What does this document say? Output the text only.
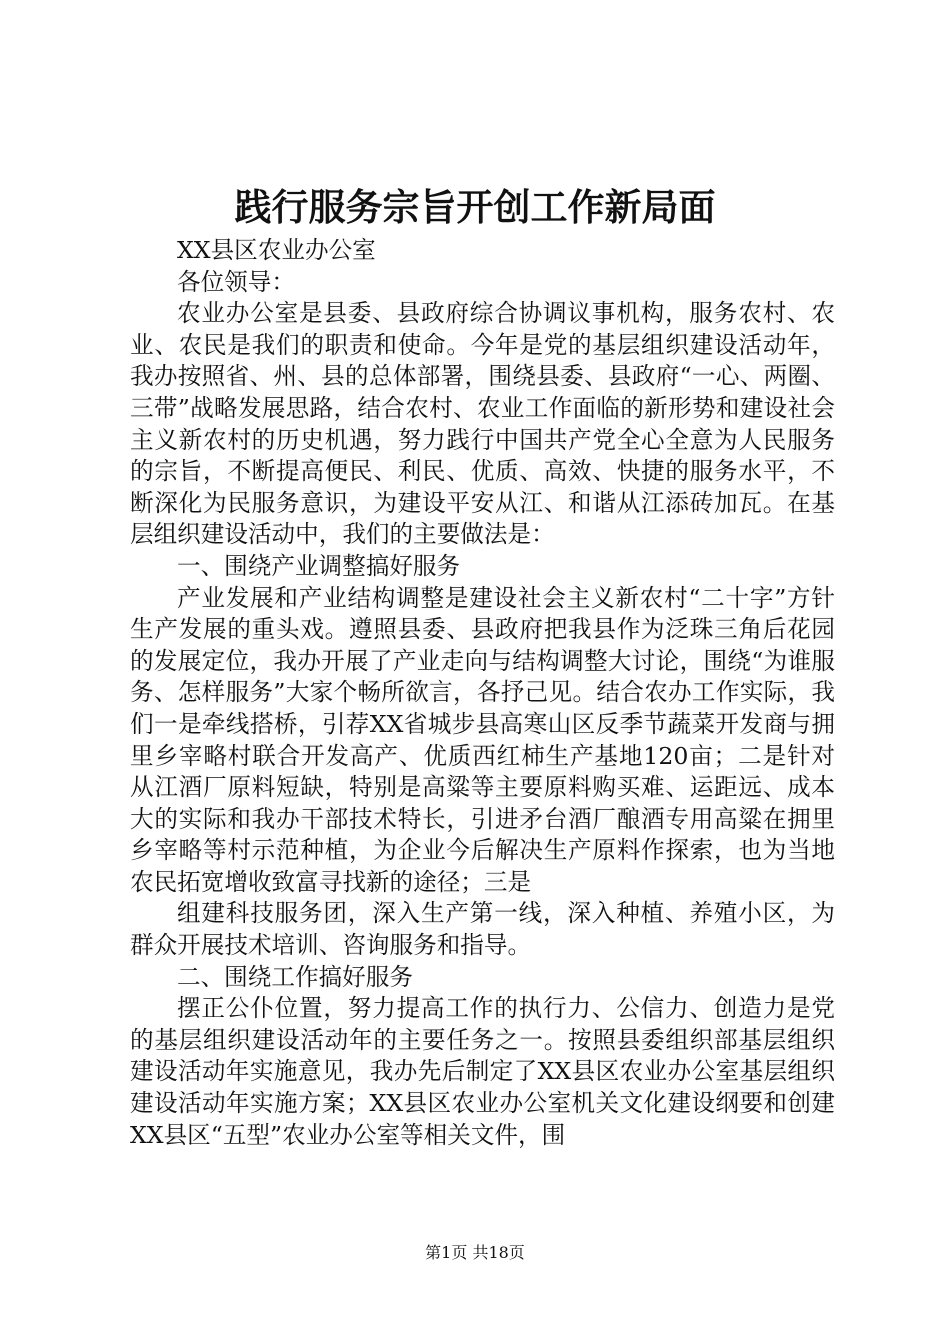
践行服务宗旨开创工作新局面

XX县区农业办公室

各位领导：

农业办公室是县委、县政府综合协调议事机构，服务农村、农业、农民是我们的职责和使命。今年是党的基层组织建设活动年，我办按照省、州、县的总体部署，围绕县委、县政府“一心、两圈、三带”战略发展思路，结合农村、农业工作面临的新形势和建设社会主义新农村的历史机遇，努力践行中国共产党全心全意为人民服务的宗旨，不断提高便民、利民、优质、高效、快捷的服务水平，不断深化为民服务意识，为建设平安从江、和谐从江添砖加瓦。在基层组织建设活动中，我们的主要做法是：

一、围绕产业调整搞好服务

产业发展和产业结构调整是建设社会主义新农村“二十字”方针生产发展的重头戏。遵照县委、县政府把我县作为泛珠三角后花园的发展定位，我办开展了产业走向与结构调整大讨论，围绕“为谁服务、怎样服务”大家个畅所欲言，各抒己见。结合农办工作实际，我们一是牵线搭桥，引荐XX省城步县高寒山区反季节蔬菜开发商与拥里乡宰略村联合开发高产、优质西红柿生产基地120亩；二是针对从江酒厂原料短缺，特别是高粱等主要原料购买难、运距远、成本大的实际和我办干部技术特长，引进矛台酒厂酿酒专用高粱在拥里乡宰略等村示范种植，为企业今后解决生产原料作探索，也为当地农民拓宽增收致富寻找新的途径；三是

组建科技服务团，深入生产第一线，深入种植、养殖小区，为群众开展技术培训、咨询服务和指导。

二、围绕工作搞好服务

摆正公仆位置，努力提高工作的执行力、公信力、创造力是党的基层组织建设活动年的主要任务之一。按照县委组织部基层组织建设活动年实施意见，我办先后制定了XX县区农业办公室基层组织建设活动年实施方案；XX县区农业办公室机关文化建设纲要和创建XX县区“五型”农业办公室等相关文件，围

第1页 共18页
